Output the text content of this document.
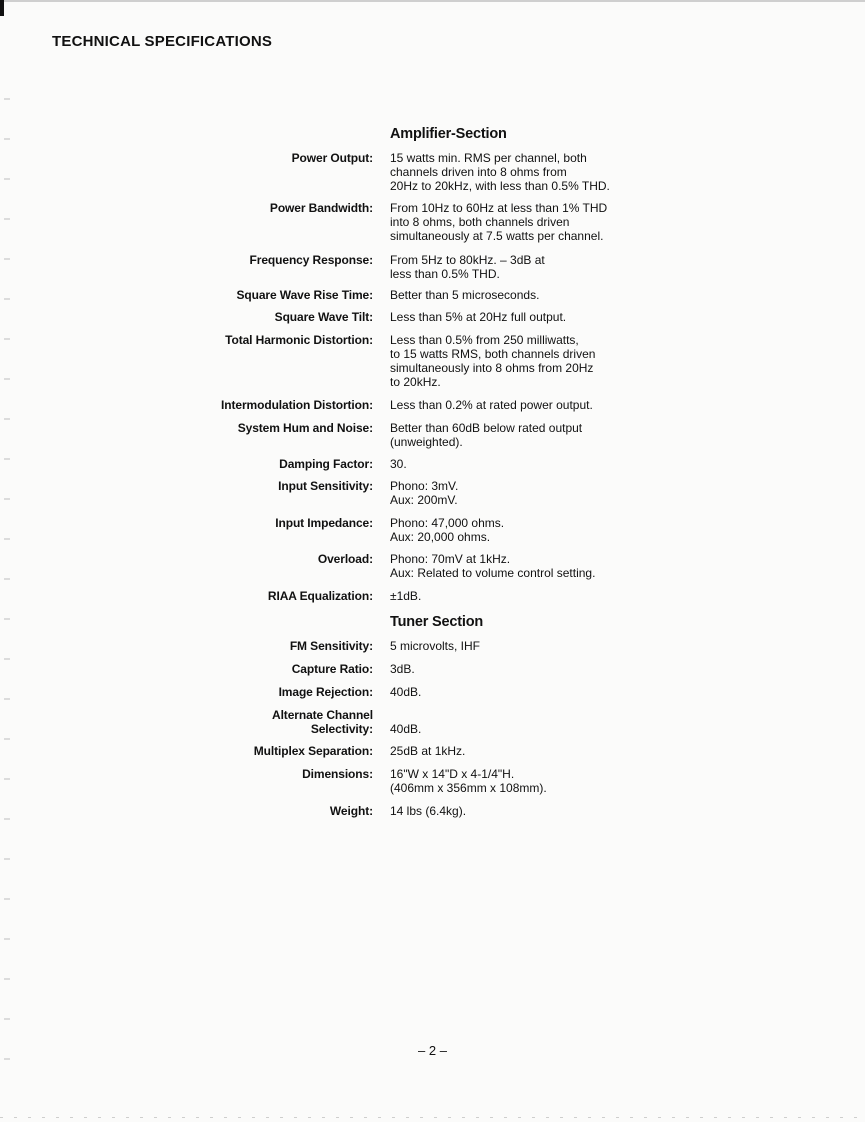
TECHNICAL SPECIFICATIONS
Amplifier-Section
Power Output: 15 watts min. RMS per channel, both
channels driven into 8 ohms from
20Hz to 20kHz, with less than 0.5% THD.
Power Bandwidth: From 10Hz to 60Hz at less than 1% THD
into 8 ohms, both channels driven
simultaneously at 7.5 watts per channel.
Frequency Response: From 5Hz to 80kHz. – 3dB at
less than 0.5% THD.
Square Wave Rise Time: Better than 5 microseconds.
Square Wave Tilt: Less than 5% at 20Hz full output.
Total Harmonic Distortion: Less than 0.5% from 250 milliwatts,
to 15 watts RMS, both channels driven
simultaneously into 8 ohms from 20Hz
to 20kHz.
Intermodulation Distortion: Less than 0.2% at rated power output.
System Hum and Noise: Better than 60dB below rated output
(unweighted).
Damping Factor: 30.
Input Sensitivity: Phono: 3mV.
Aux: 200mV.
Input Impedance: Phono: 47,000 ohms.
Aux: 20,000 ohms.
Overload: Phono: 70mV at 1kHz.
Aux: Related to volume control setting.
RIAA Equalization: ±1dB.
Tuner Section
FM Sensitivity: 5 microvolts, IHF
Capture Ratio: 3dB.
Image Rejection: 40dB.
Alternate Channel
Selectivity:
40dB.
Multiplex Separation: 25dB at 1kHz.
Dimensions: 16"W x 14"D x 4-1/4"H.
(406mm x 356mm x 108mm).
Weight: 14 lbs (6.4kg).
– 2 –
